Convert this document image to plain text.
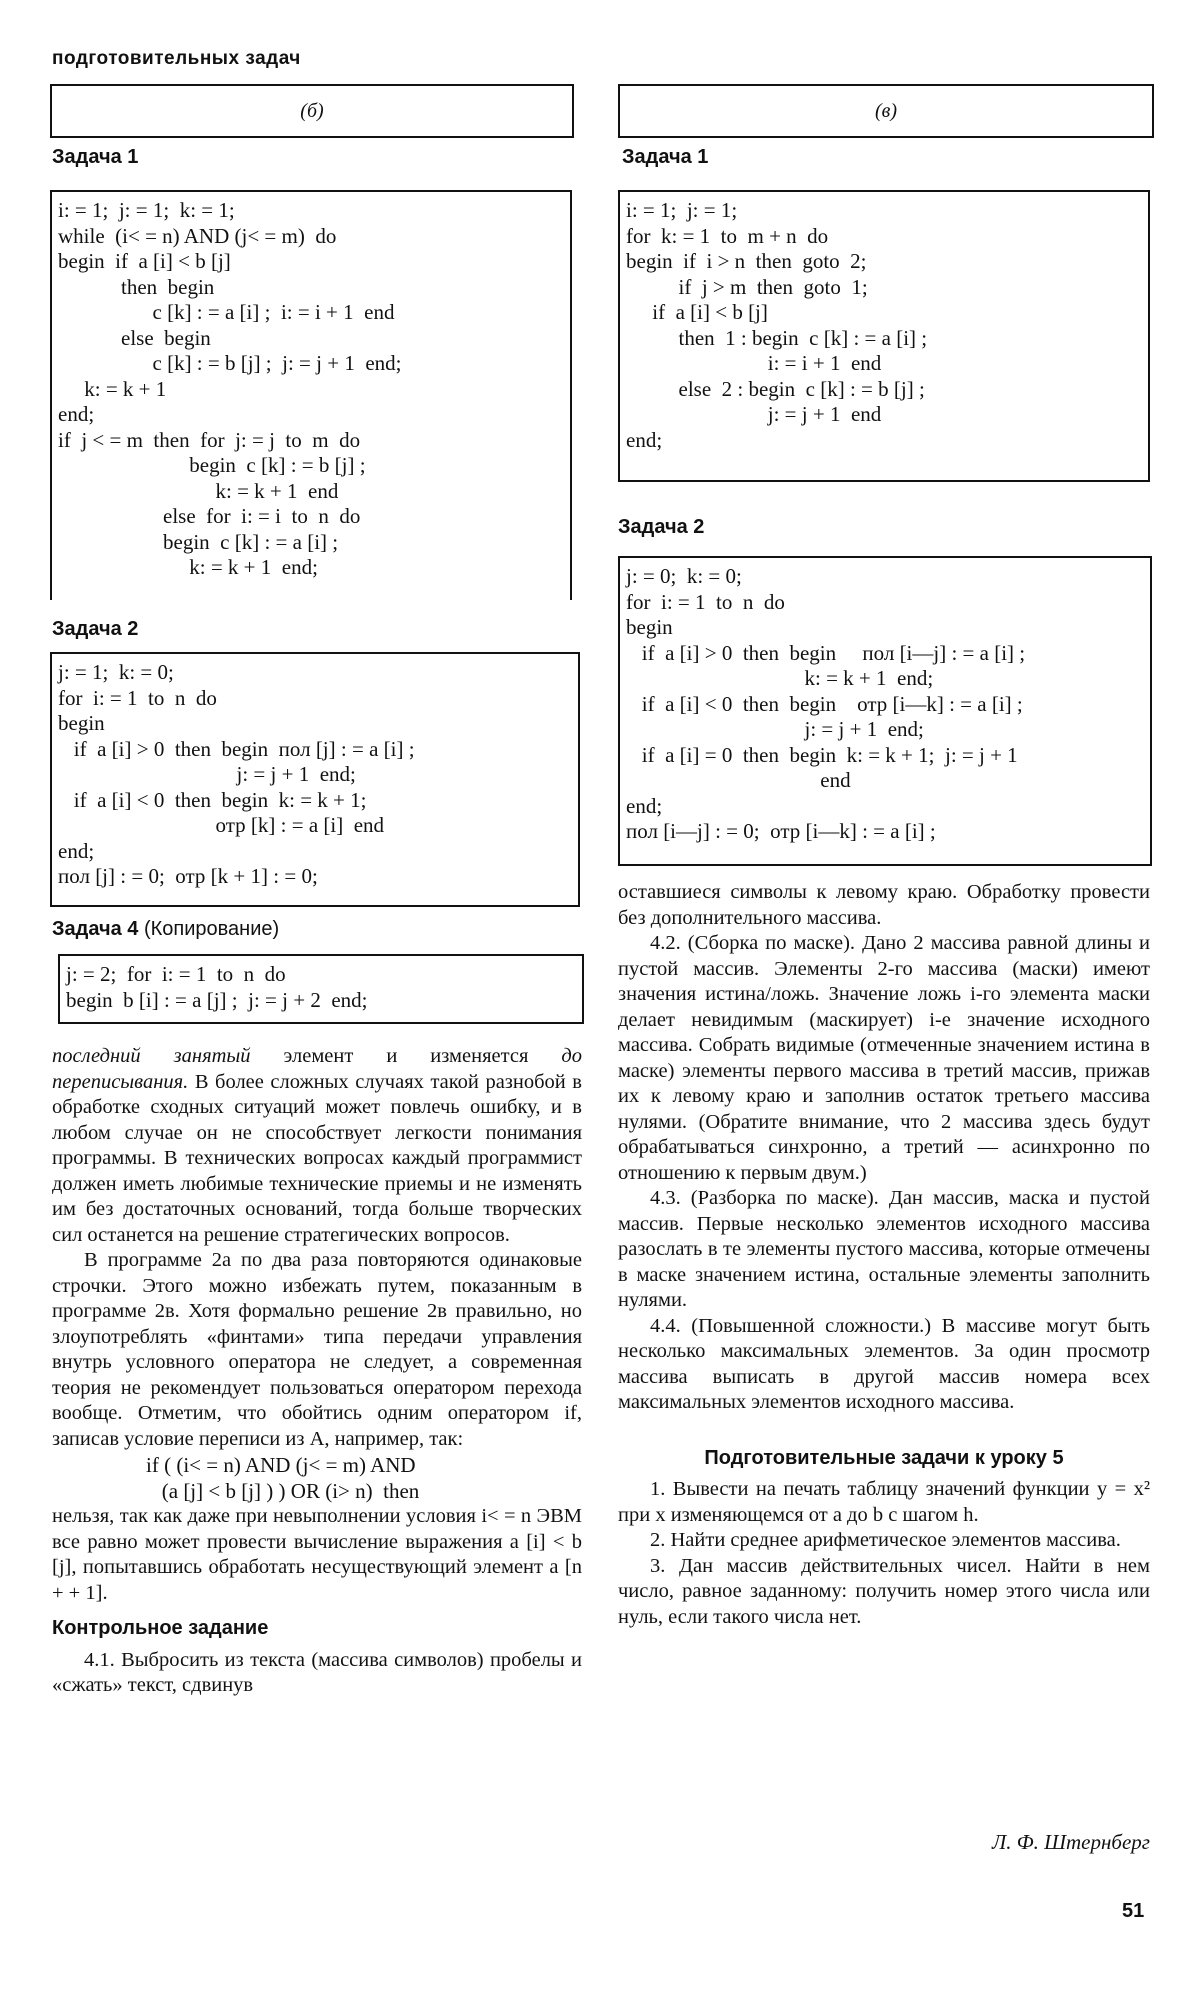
подготовительных задач
(б)
Задача 1
i: = 1;  j: = 1;  k: = 1;
while  (i< = n) AND (j< = m)  do
begin  if  a [i] < b [j]
then  begin
c [k] : = a [i] ;  i: = i + 1  end
else  begin
c [k] : = b [j] ;  j: = j + 1  end;
k: = k + 1
end;
if  j < = m  then  for  j: = j  to  m  do
begin  c [k] : = b [j] ;
k: = k + 1  end
else  for  i: = i  to  n  do
begin  c [k] : = a [i] ;
k: = k + 1  end;
Задача 2
j: = 1;  k: = 0;
for  i: = 1  to  n  do
begin
if  a [i] > 0  then  begin  пол [j] : = a [i] ;
j: = j + 1  end;
if  a [i] < 0  then  begin  k: = k + 1;
отр [k] : = a [i]  end
end;
пол [j] : = 0;  отр [k + 1] : = 0;
Задача 4 (Копирование)
j: = 2;  for  i: = 1  to  n  do
begin  b [i] : = a [j] ;  j: = j + 2  end;

последний занятый элемент и изменяется до переписывания. В более сложных случаях такой разнобой в обработке сходных ситуаций может повлечь ошибку, и в любом случае он не способствует легкости понимания программы. В технических вопросах каждый программист должен иметь любимые технические приемы и не изменять им без достаточных оснований, тогда больше творческих сил останется на решение стратегических вопросов.

В программе 2а по два раза повторяются одинаковые строчки. Этого можно избежать путем, показанным в программе 2в. Хотя формально решение 2в правильно, но злоупотреблять «финтами» типа передачи управления внутрь условного оператора не следует, а современная теория не рекомендует пользоваться оператором перехода вообще. Отметим, что обойтись одним оператором if, записав условие переписи из A, например, так:

if ( (i< = n) AND (j< = m) AND
(a [j] < b [j] ) ) OR (i> n)  then

нельзя, так как даже при невыполнении условия i< = n ЭВМ все равно может провести вычисление выражения a [i] < b [j], попытавшись обработать несуществующий элемент a [n + + 1].

Контрольное задание

4.1. Выбросить из текста (массива символов) пробелы и «сжать» текст, сдвинув

(в)
Задача 1
i: = 1;  j: = 1;
for  k: = 1  to  m + n  do
begin  if  i > n  then  goto  2;
if  j > m  then  goto  1;
if  a [i] < b [j]
then  1 : begin  c [k] : = a [i] ;
i: = i + 1  end
else  2 : begin  c [k] : = b [j] ;
j: = j + 1  end
end;
Задача 2
j: = 0;  k: = 0;
for  i: = 1  to  n  do
begin
if  a [i] > 0  then  begin     пол [i—j] : = a [i] ;
k: = k + 1  end;
if  a [i] < 0  then  begin    отр [i—k] : = a [i] ;
j: = j + 1  end;
if  a [i] = 0  then  begin  k: = k + 1;  j: = j + 1
end
end;
пол [i—j] : = 0;  отр [i—k] : = a [i] ;

оставшиеся символы к левому краю. Обработку провести без дополнительного массива.

4.2. (Сборка по маске). Дано 2 массива равной длины и пустой массив. Элементы 2-го массива (маски) имеют значения истина/ложь. Значение ложь i-го элемента маски делает невидимым (маскирует) i-е значение исходного массива. Собрать видимые (отмеченные значением истина в маске) элементы первого массива в третий массив, прижав их к левому краю и заполнив остаток третьего массива нулями. (Обратите внимание, что 2 массива здесь будут обрабатываться синхронно, а третий — асинхронно по отношению к первым двум.)

4.3. (Разборка по маске). Дан массив, маска и пустой массив. Первые несколько элементов исходного массива разослать в те элементы пустого массива, которые отмечены в маске значением истина, остальные элементы заполнить нулями.

4.4. (Повышенной сложности.) В массиве могут быть несколько максимальных элементов. За один просмотр массива выписать в другой массив номера всех максимальных элементов исходного массива.

Подготовительные задачи к уроку 5

1. Вывести на печать таблицу значений функции y = x² при x изменяющемся от a до b с шагом h.

2. Найти среднее арифметическое элементов массива.

3. Дан массив действительных чисел. Найти в нем число, равное заданному: получить номер этого числа или нуль, если такого числа нет.

Л. Ф. Штернберг
51
